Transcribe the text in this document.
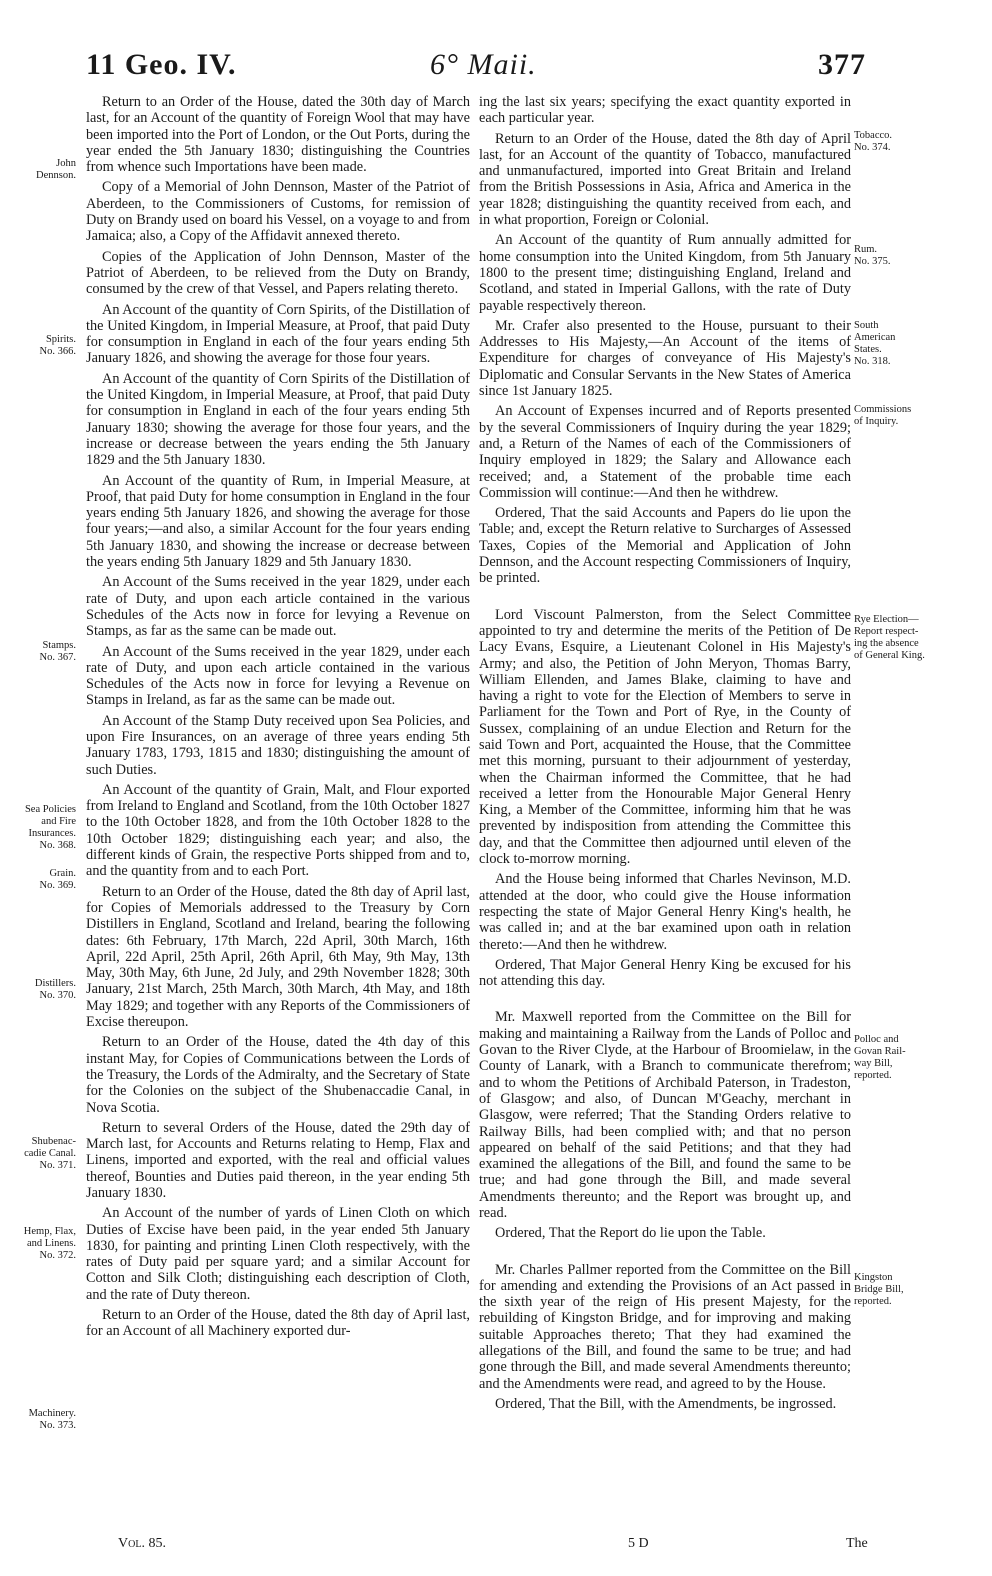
11 Geo. IV.	6° Maii.	377

Return to an Order of the House, dated the 30th day of March last, for an Account of the quantity of Foreign Wool that may have been imported into the Port of London, or the Out Ports, during the year ended the 5th January 1830; distinguishing the Countries from whence such Importations have been made.

Copy of a Memorial of John Dennson, Master of the Patriot of Aberdeen, to the Commissioners of Customs, for remission of Duty on Brandy used on board his Vessel, on a voyage to and from Jamaica; also, a Copy of the Affidavit annexed thereto.

Copies of the Application of John Dennson, Master of the Patriot of Aberdeen, to be relieved from the Duty on Brandy, consumed by the crew of that Vessel, and Papers relating thereto.

An Account of the quantity of Corn Spirits, of the Distillation of the United Kingdom, in Imperial Measure, at Proof, that paid Duty for consumption in England in each of the four years ending 5th January 1826, and showing the average for those four years.

An Account of the quantity of Corn Spirits of the Distillation of the United Kingdom, in Imperial Measure, at Proof, that paid Duty for consumption in England in each of the four years ending 5th January 1830; showing the average for those four years, and the increase or decrease between the years ending the 5th January 1829 and the 5th January 1830.

An Account of the quantity of Rum, in Imperial Measure, at Proof, that paid Duty for home consumption in England in the four years ending 5th January 1826, and showing the average for those four years;—and also, a similar Account for the four years ending 5th January 1830, and showing the increase or decrease between the years ending 5th January 1829 and 5th January 1830.

An Account of the Sums received in the year 1829, under each rate of Duty, and upon each article contained in the various Schedules of the Acts now in force for levying a Revenue on Stamps, as far as the same can be made out.

An Account of the Sums received in the year 1829, under each rate of Duty, and upon each article contained in the various Schedules of the Acts now in force for levying a Revenue on Stamps in Ireland, as far as the same can be made out.

An Account of the Stamp Duty received upon Sea Policies, and upon Fire Insurances, on an average of three years ending 5th January 1783, 1793, 1815 and 1830; distinguishing the amount of such Duties.

An Account of the quantity of Grain, Malt, and Flour exported from Ireland to England and Scotland, from the 10th October 1827 to the 10th October 1828, and from the 10th October 1828 to the 10th October 1829; distinguishing each year; and also, the different kinds of Grain, the respective Ports shipped from and to, and the quantity from and to each Port.

Return to an Order of the House, dated the 8th day of April last, for Copies of Memorials addressed to the Treasury by Corn Distillers in England, Scotland and Ireland, bearing the following dates: 6th February, 17th March, 22d April, 30th March, 16th April, 22d April, 25th April, 26th April, 6th May, 9th May, 13th May, 30th May, 6th June, 2d July, and 29th November 1828; 30th January, 21st March, 25th March, 30th March, 4th May, and 18th May 1829; and together with any Reports of the Commissioners of Excise thereupon.

Return to an Order of the House, dated the 4th day of this instant May, for Copies of Communications between the Lords of the Treasury, the Lords of the Admiralty, and the Secretary of State for the Colonies on the subject of the Shubenaccadie Canal, in Nova Scotia.

Return to several Orders of the House, dated the 29th day of March last, for Accounts and Returns relating to Hemp, Flax and Linens, imported and exported, with the real and official values thereof, Bounties and Duties paid thereon, in the year ending 5th January 1830.

An Account of the number of yards of Linen Cloth on which Duties of Excise have been paid, in the year ended 5th January 1830, for painting and printing Linen Cloth respectively, with the rates of Duty paid per square yard; and a similar Account for Cotton and Silk Cloth; distinguishing each description of Cloth, and the rate of Duty thereon.

Return to an Order of the House, dated the 8th day of April last, for an Account of all Machinery exported dur-

ing the last six years; specifying the exact quantity exported in each particular year.

Return to an Order of the House, dated the 8th day of April last, for an Account of the quantity of Tobacco, manufactured and unmanufactured, imported into Great Britain and Ireland from the British Possessions in Asia, Africa and America in the year 1828; distinguishing the quantity received from each, and in what proportion, Foreign or Colonial.

An Account of the quantity of Rum annually admitted for home consumption into the United Kingdom, from 5th January 1800 to the present time; distinguishing England, Ireland and Scotland, and stated in Imperial Gallons, with the rate of Duty payable respectively thereon.

Mr. Crafer also presented to the House, pursuant to their Addresses to His Majesty,—An Account of the items of Expenditure for charges of conveyance of His Majesty's Diplomatic and Consular Servants in the New States of America since 1st January 1825.

An Account of Expenses incurred and of Reports presented by the several Commissioners of Inquiry during the year 1829; and, a Return of the Names of each of the Commissioners of Inquiry employed in 1829; the Salary and Allowance each received; and, a Statement of the probable time each Commission will continue:—And then he withdrew.

Ordered, That the said Accounts and Papers do lie upon the Table; and, except the Return relative to Surcharges of Assessed Taxes, Copies of the Memorial and Application of John Dennson, and the Account respecting Commissioners of Inquiry, be printed.

Lord Viscount Palmerston, from the Select Committee appointed to try and determine the merits of the Petition of De Lacy Evans, Esquire, a Lieutenant Colonel in His Majesty's Army; and also, the Petition of John Meryon, Thomas Barry, William Ellenden, and James Blake, claiming to have and having a right to vote for the Election of Members to serve in Parliament for the Town and Port of Rye, in the County of Sussex, complaining of an undue Election and Return for the said Town and Port, acquainted the House, that the Committee met this morning, pursuant to their adjournment of yesterday, when the Chairman informed the Committee, that he had received a letter from the Honourable Major General Henry King, a Member of the Committee, informing him that he was prevented by indisposition from attending the Committee this day, and that the Committee then adjourned until eleven of the clock to-morrow morning.

And the House being informed that Charles Nevinson, M.D. attended at the door, who could give the House information respecting the state of Major General Henry King's health, he was called in; and at the bar examined upon oath in relation thereto:—And then he withdrew.

Ordered, That Major General Henry King be excused for his not attending this day.

Mr. Maxwell reported from the Committee on the Bill for making and maintaining a Railway from the Lands of Polloc and Govan to the River Clyde, at the Harbour of Broomielaw, in the County of Lanark, with a Branch to communicate therefrom; and to whom the Petitions of Archibald Paterson, in Tradeston, of Glasgow; and also, of Duncan M'Geachy, merchant in Glasgow, were referred; That the Standing Orders relative to Railway Bills, had been complied with; and that no person appeared on behalf of the said Petitions; and that they had examined the allegations of the Bill, and found the same to be true; and had gone through the Bill, and made several Amendments thereunto; and the Report was brought up, and read.

Ordered, That the Report do lie upon the Table.

Mr. Charles Pallmer reported from the Committee on the Bill for amending and extending the Provisions of an Act passed in the sixth year of the reign of His present Majesty, for the rebuilding of Kingston Bridge, and for improving and making suitable Approaches thereto; That they had examined the allegations of the Bill, and found the same to be true; and had gone through the Bill, and made several Amendments thereunto; and the Amendments were read, and agreed to by the House.

Ordered, That the Bill, with the Amendments, be ingrossed.

John
Dennson.
Spirits.
No. 366.
Stamps.
No. 367.
Sea Policies
and Fire
Insurances.
No. 368.
Grain.
No. 369.
Distillers.
No. 370.
Shubenac-
cadie Canal.
No. 371.
Hemp, Flax,
and Linens.
No. 372.
Machinery.
No. 373.
Tobacco.
No. 374.
Rum.
No. 375.
South
American
States.
No. 318.
Commissions
of Inquiry.
Rye Election—
Report respect-
ing the absence
of General King.
Polloc and
Govan Rail-
way Bill,
reported.
Kingston
Bridge Bill,
reported.
Vol. 85.	5 D	The
